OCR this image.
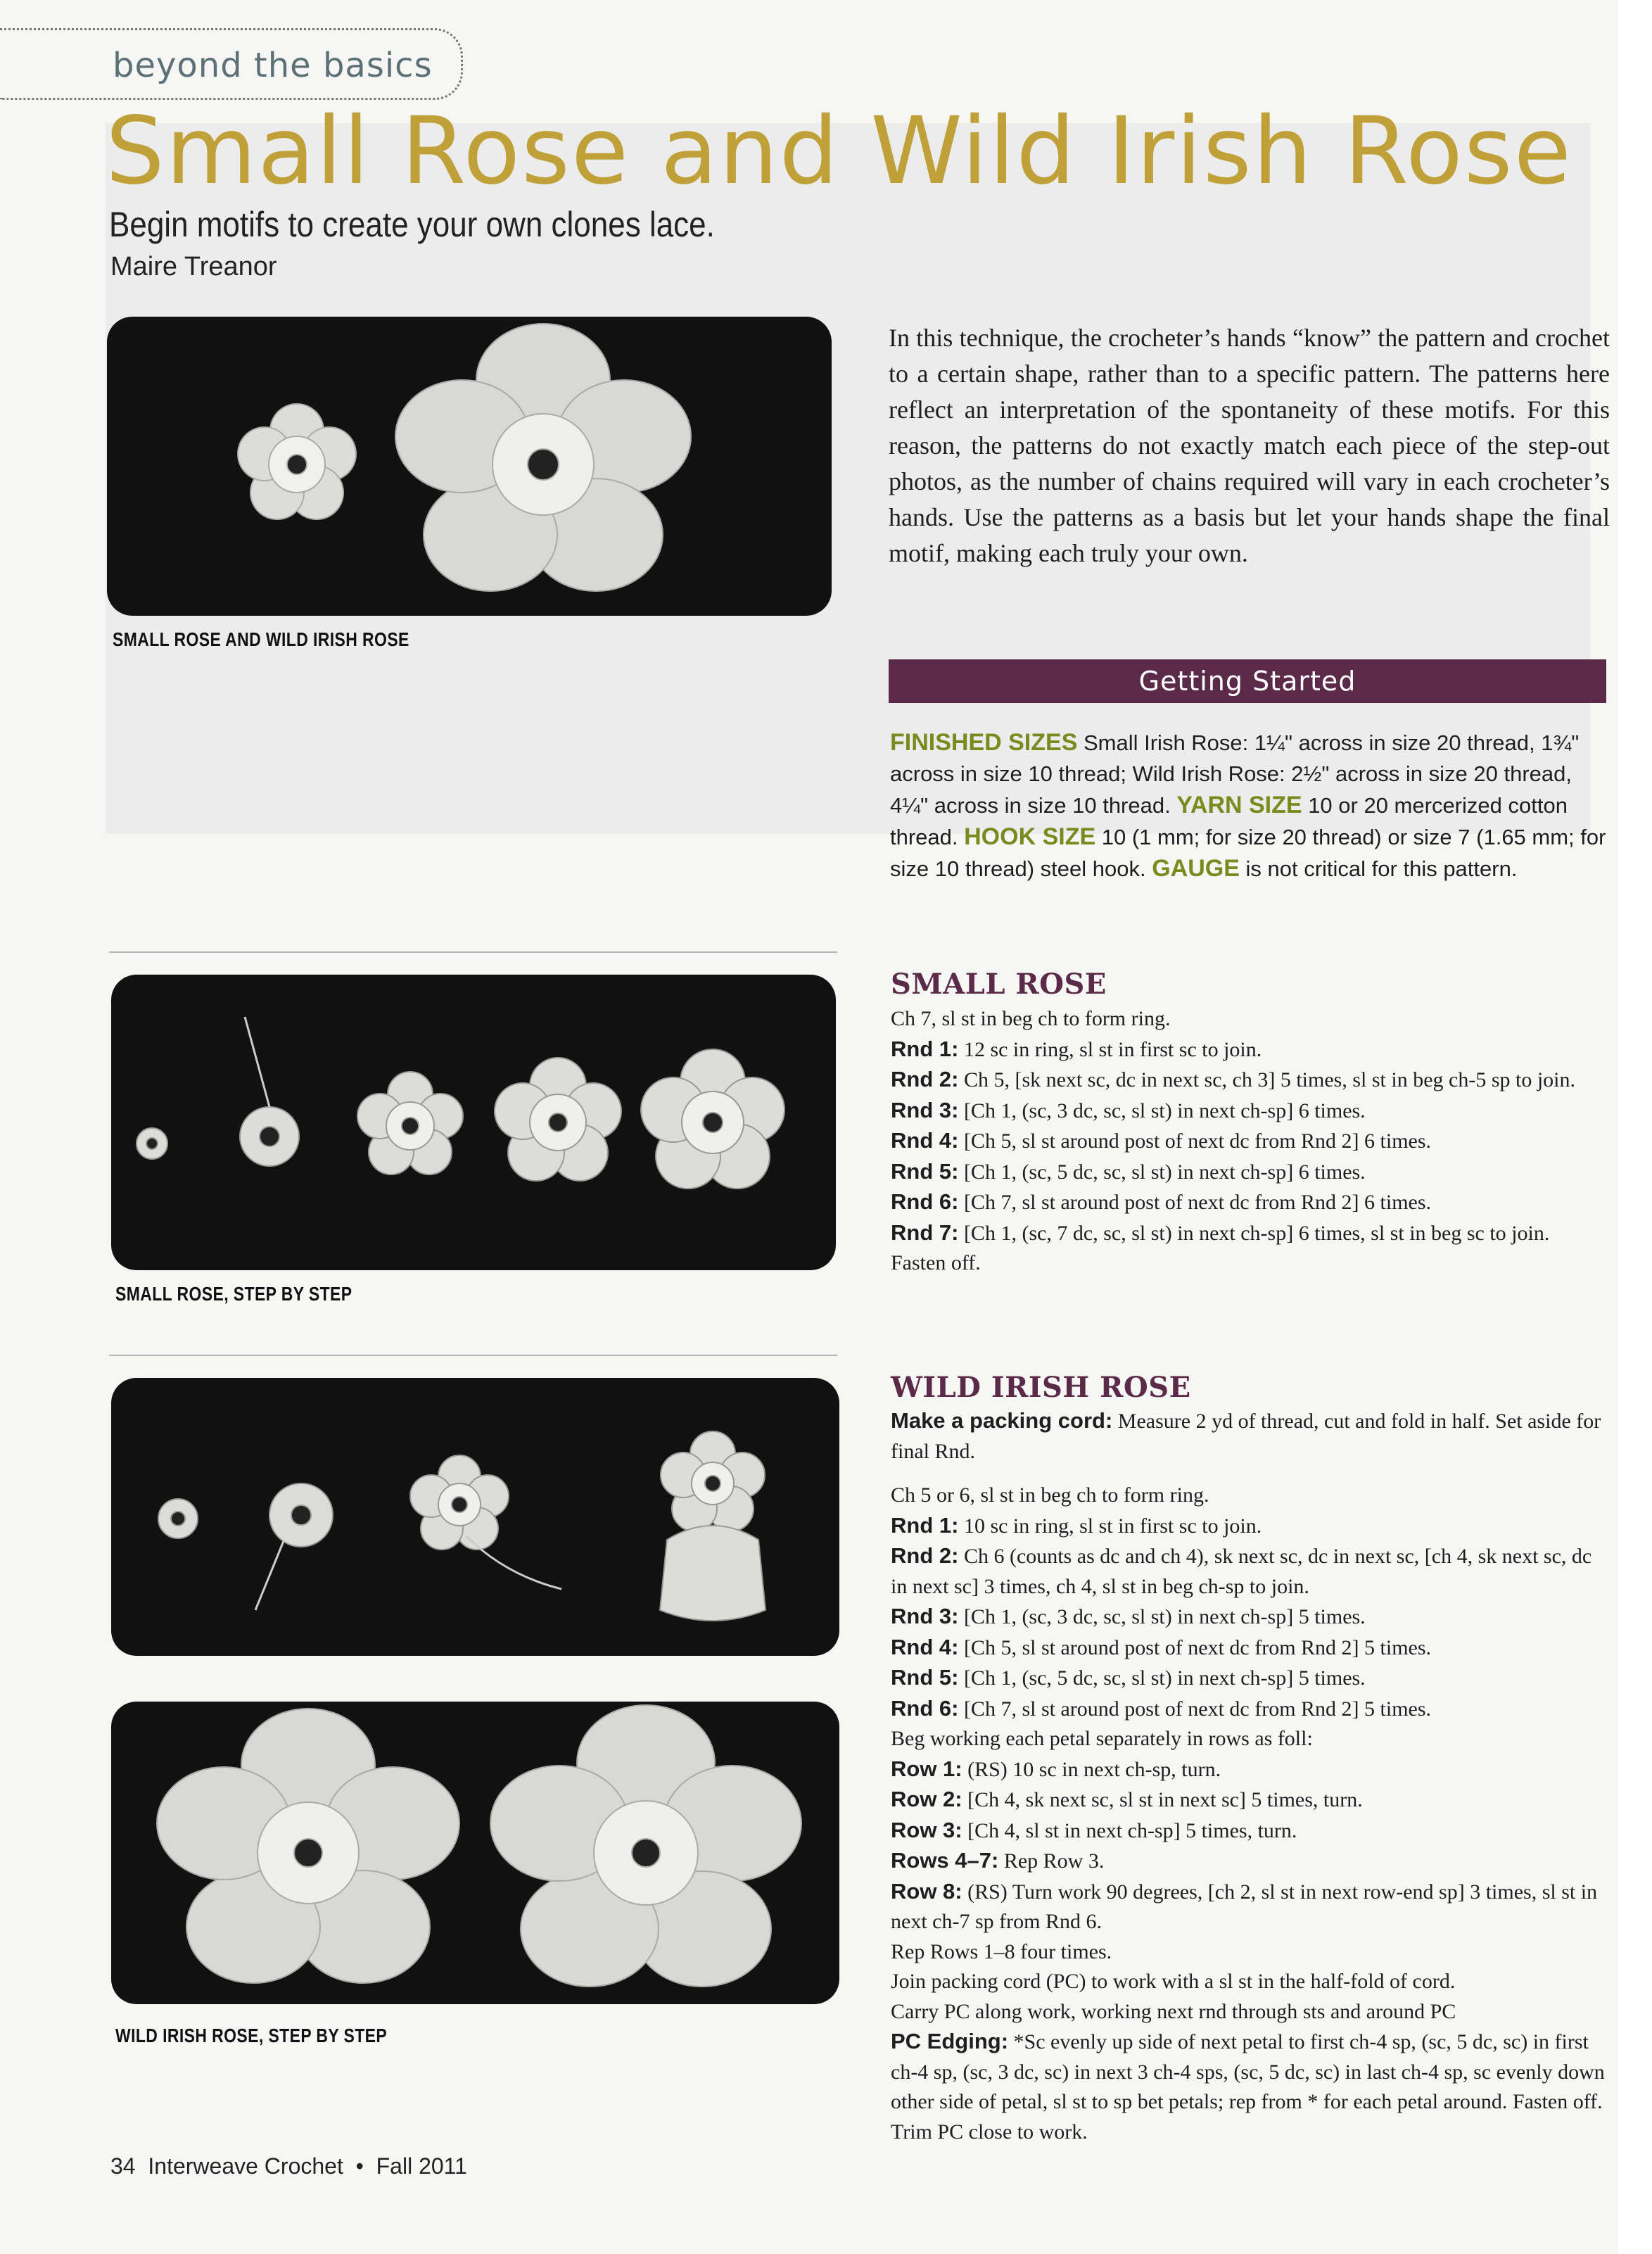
beyond the basics
Small Rose and Wild Irish Rose
Begin motifs to create your own clones lace.
Maire Treanor
SMALL ROSE AND WILD IRISH ROSE
SMALL ROSE, STEP BY STEP
WILD IRISH ROSE, STEP BY STEP
In this technique, the crocheter’s hands “know” the pattern and crochet to a certain shape, rather than to a specific pattern. The patterns here reflect an interpretation of the spontaneity of these motifs. For this reason, the patterns do not exactly match each piece of the step-out photos, as the number of chains required will vary in each crocheter’s hands. Use the patterns as a basis but let your hands shape the final motif, making each truly your own.
Getting Started
FINISHED SIZES Small Irish Rose: 1¼" across in size 20 thread, 1¾" across in size 10 thread; Wild Irish Rose: 2½" across in size 20 thread, 4¼" across in size 10 thread. YARN SIZE 10 or 20 mercerized cotton thread. HOOK SIZE 10 (1 mm; for size 20 thread) or size 7 (1.65 mm; for size 10 thread) steel hook. GAUGE is not critical for this pattern.
SMALL ROSE

Ch 7, sl st in beg ch to form ring.

Rnd 1: 12 sc in ring, sl st in first sc to join.

Rnd 2: Ch 5, [sk next sc, dc in next sc, ch 3] 5 times, sl st in beg ch-5 sp to join.

Rnd 3: [Ch 1, (sc, 3 dc, sc, sl st) in next ch-sp] 6 times.

Rnd 4: [Ch 5, sl st around post of next dc from Rnd 2] 6 times.

Rnd 5: [Ch 1, (sc, 5 dc, sc, sl st) in next ch-sp] 6 times.

Rnd 6: [Ch 7, sl st around post of next dc from Rnd 2] 6 times.

Rnd 7: [Ch 1, (sc, 7 dc, sc, sl st) in next ch-sp] 6 times, sl st in beg sc to join. Fasten off.

WILD IRISH ROSE

Make a packing cord: Measure 2 yd of thread, cut and fold in half. Set aside for final Rnd.

Ch 5 or 6, sl st in beg ch to form ring.

Rnd 1: 10 sc in ring, sl st in first sc to join.

Rnd 2: Ch 6 (counts as dc and ch 4), sk next sc, dc in next sc, [ch 4, sk next sc, dc in next sc] 3 times, ch 4, sl st in beg ch-sp to join.

Rnd 3: [Ch 1, (sc, 3 dc, sc, sl st) in next ch-sp] 5 times.

Rnd 4: [Ch 5, sl st around post of next dc from Rnd 2] 5 times.

Rnd 5: [Ch 1, (sc, 5 dc, sc, sl st) in next ch-sp] 5 times.

Rnd 6: [Ch 7, sl st around post of next dc from Rnd 2] 5 times.

Beg working each petal separately in rows as foll:

Row 1: (RS) 10 sc in next ch-sp, turn.

Row 2: [Ch 4, sk next sc, sl st in next sc] 5 times, turn.

Row 3: [Ch 4, sl st in next ch-sp] 5 times, turn.

Rows 4–7: Rep Row 3.

Row 8: (RS) Turn work 90 degrees, [ch 2, sl st in next row-end sp] 3 times, sl st in next ch-7 sp from Rnd 6.

Rep Rows 1–8 four times.

Join packing cord (PC) to work with a sl st in the half-fold of cord.

Carry PC along work, working next rnd through sts and around PC

PC Edging: *Sc evenly up side of next petal to first ch-4 sp, (sc, 5 dc, sc) in first ch-4 sp, (sc, 3 dc, sc) in next 3 ch-4 sps, (sc, 5 dc, sc) in last ch-4 sp, sc evenly down other side of petal, sl st to sp bet petals; rep from * for each petal around. Fasten off. Trim PC close to work.

34 Interweave Crochet • Fall 2011
